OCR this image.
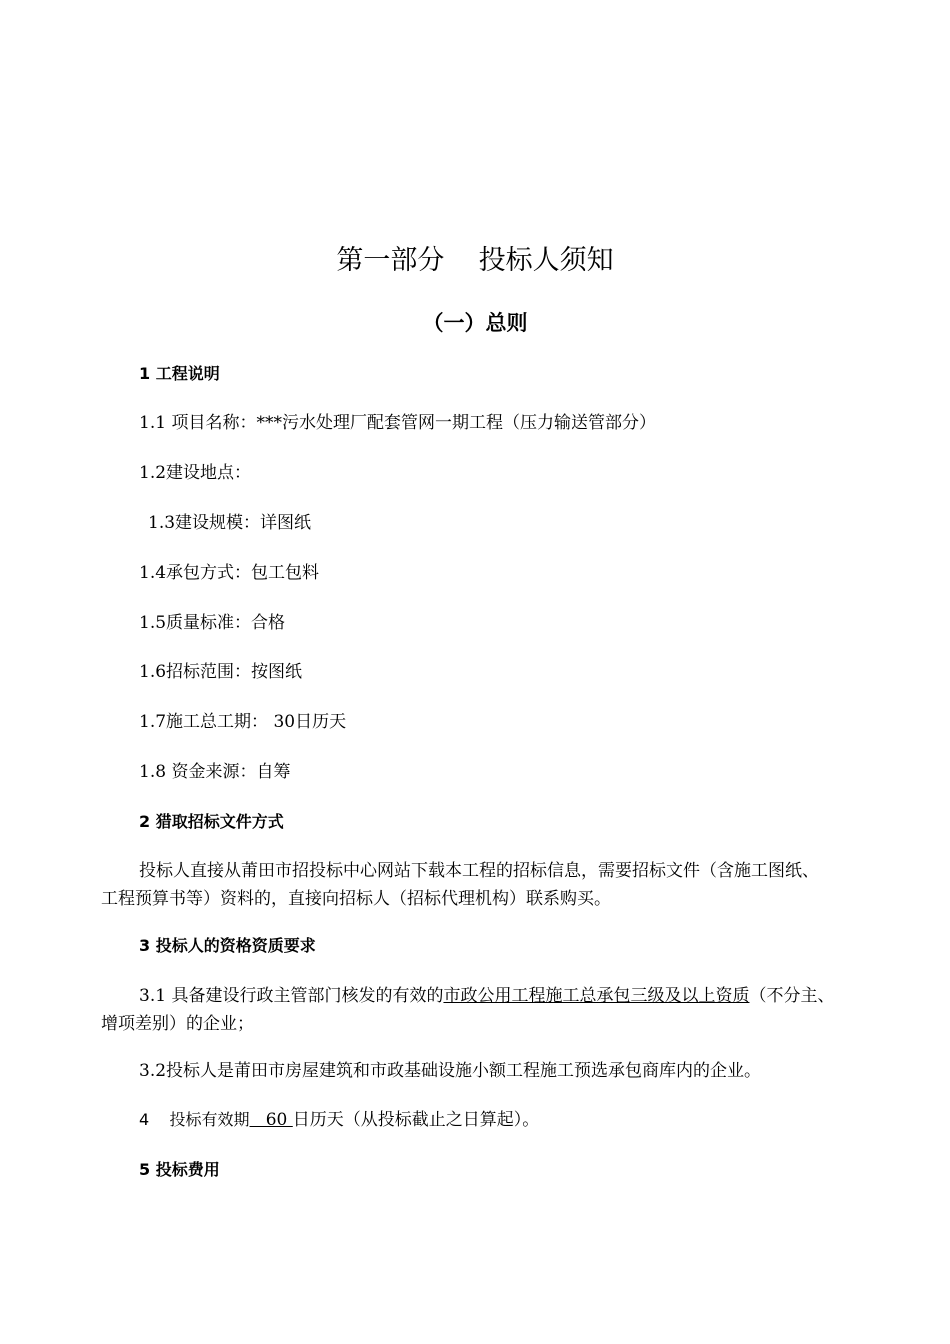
第一部分    投标人须知
（一）总则
1 工程说明
1.1 项目名称：***污水处理厂配套管网一期工程（压力输送管部分）
1.2建设地点：
1.3建设规模：详图纸
1.4承包方式：包工包料
1.5质量标准：合格
1.6招标范围：按图纸
1.7施工总工期： 30日历天
1.8 资金来源：自筹
2 猎取招标文件方式
投标人直接从莆田市招投标中心网站下载本工程的招标信息，需要招标文件（含施工图纸、工程预算书等）资料的，直接向招标人（招标代理机构）联系购买。
3 投标人的资格资质要求
3.1 具备建设行政主管部门核发的有效的市政公用工程施工总承包三级及以上资质（不分主、增项差别）的企业；
3.2投标人是莆田市房屋建筑和市政基础设施小额工程施工预选承包商库内的企业。
4    投标有效期   60 日历天（从投标截止之日算起）。
5 投标费用
